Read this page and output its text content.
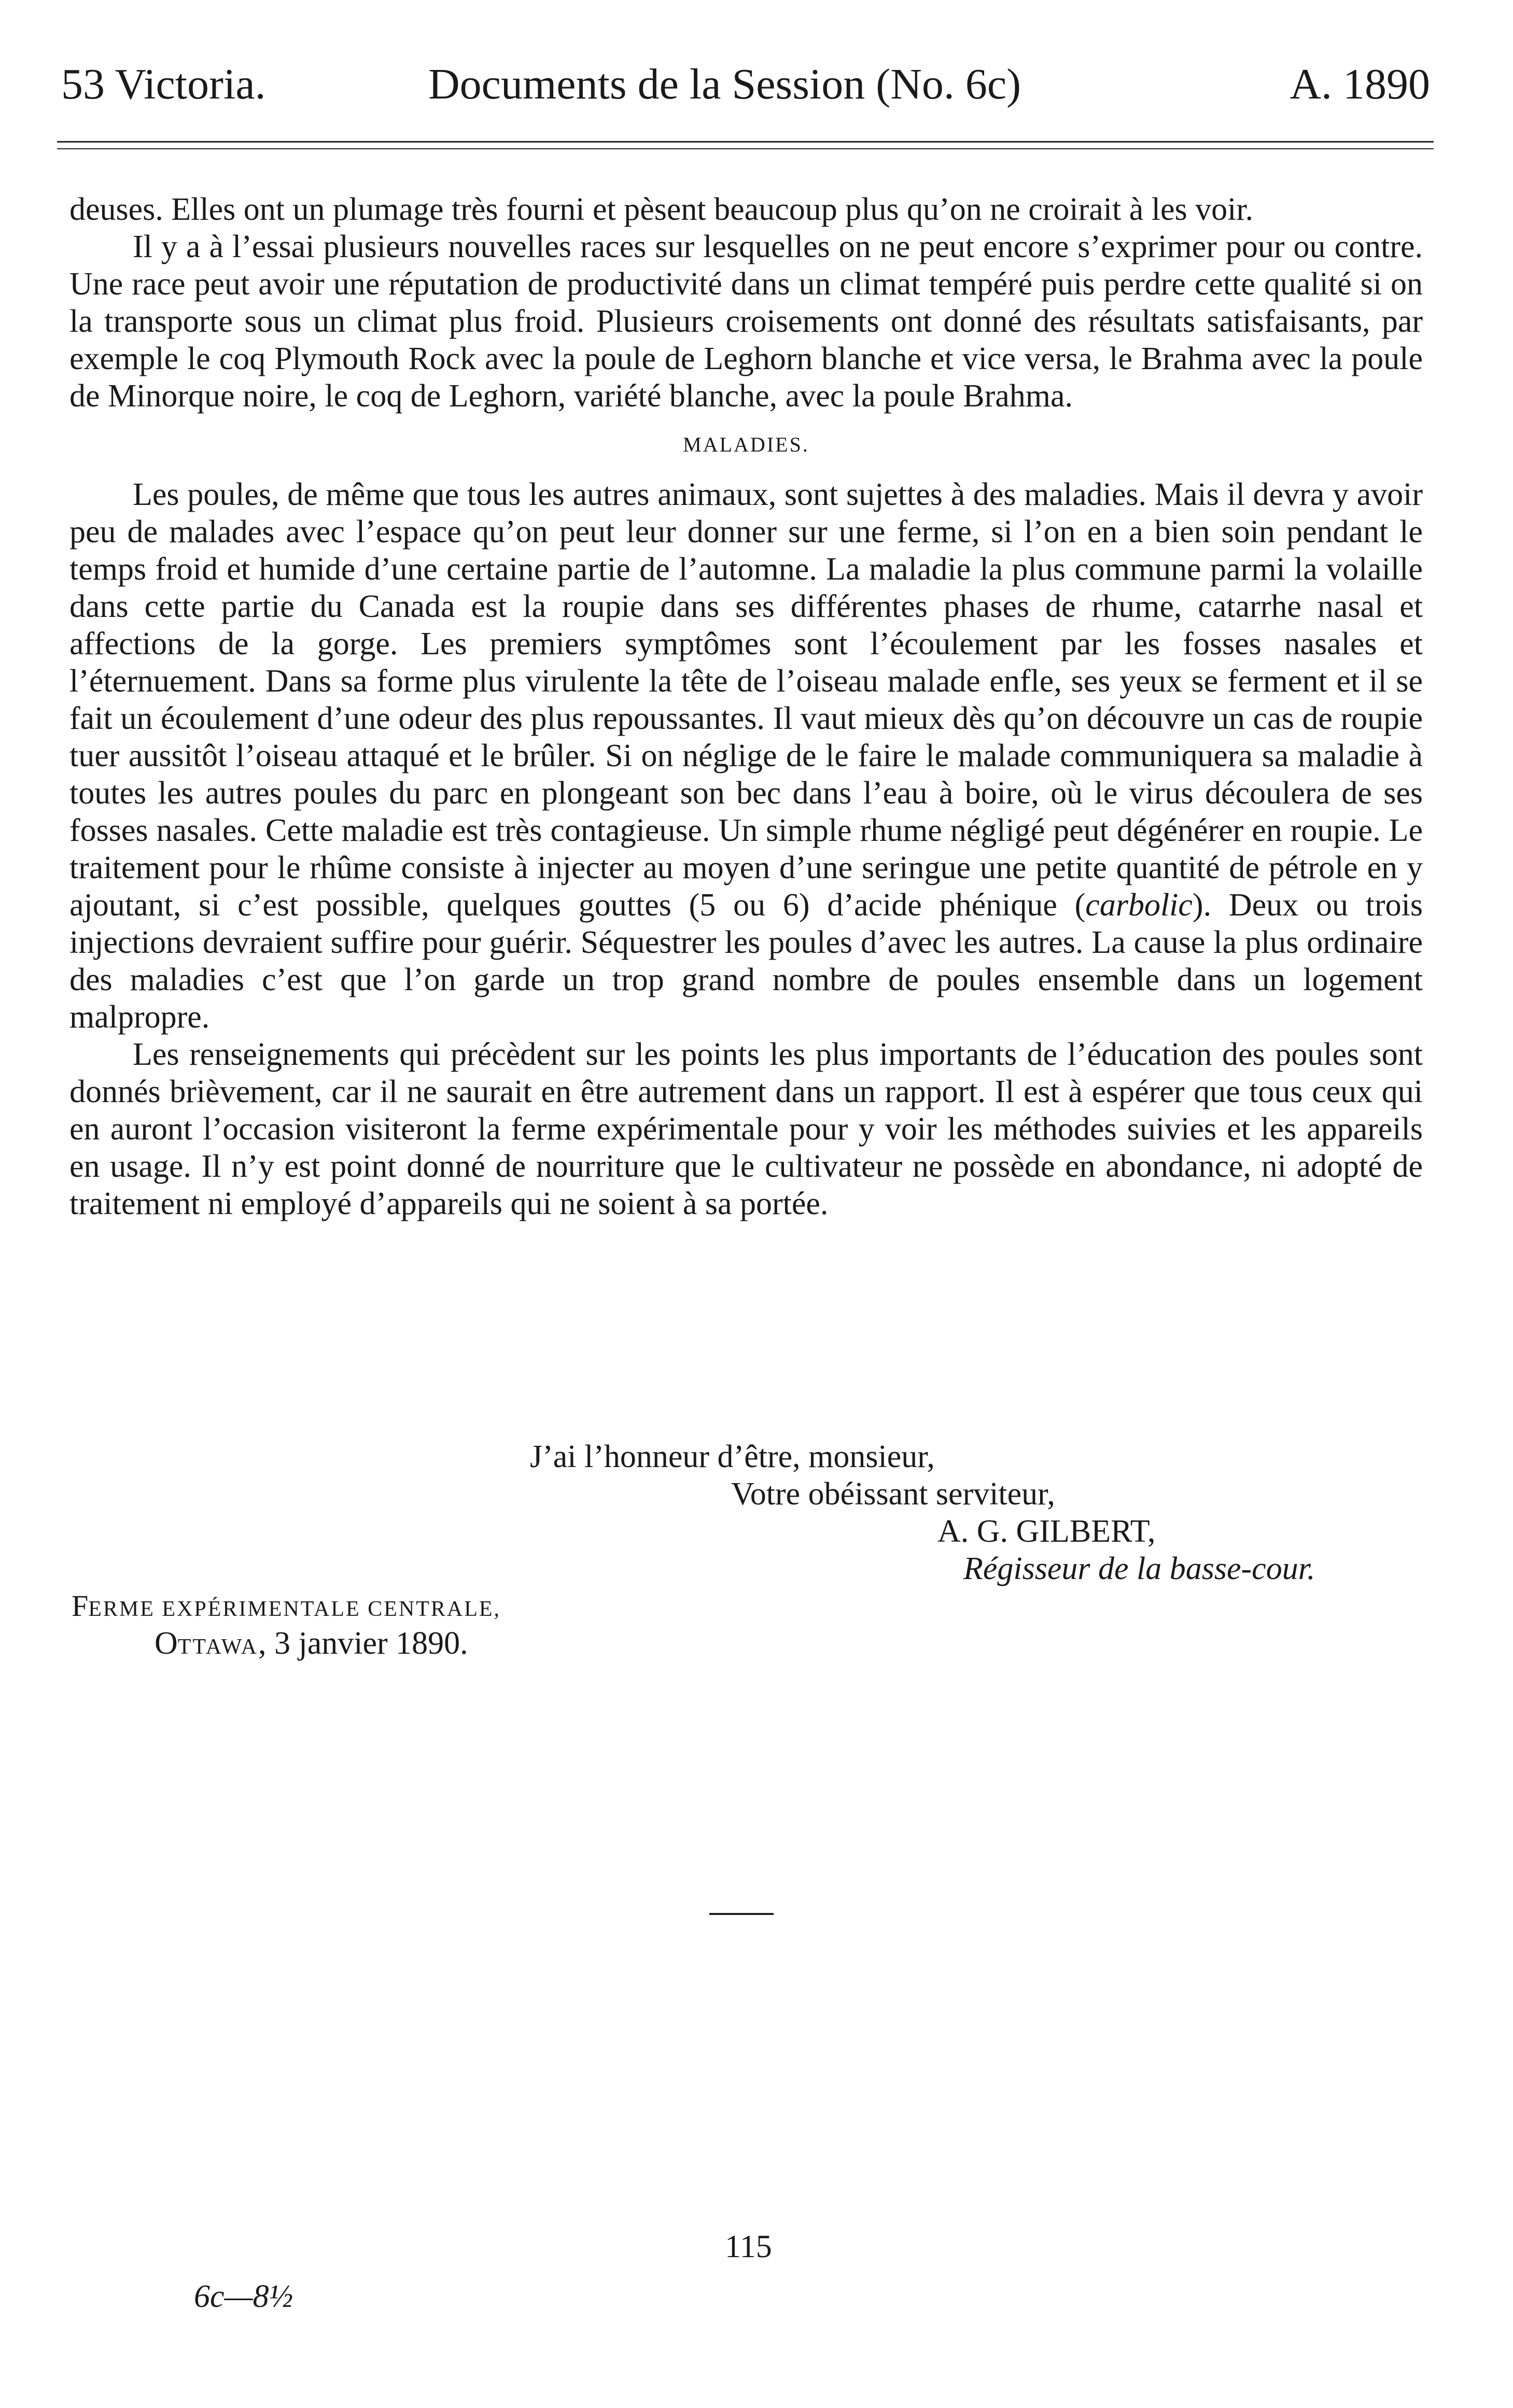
53 Victoria.	Documents de la Session (No. 6c)	A. 1890

deuses. Elles ont un plumage très fourni et pèsent beaucoup plus qu’on ne croirait à les voir.

Il y a à l’essai plusieurs nouvelles races sur lesquelles on ne peut encore s’exprimer pour ou contre. Une race peut avoir une réputation de productivité dans un climat tempéré puis perdre cette qualité si on la transporte sous un climat plus froid. Plusieurs croisements ont donné des résultats satisfaisants, par exemple le coq Plymouth Rock avec la poule de Leghorn blanche et vice versa, le Brahma avec la poule de Minorque noire, le coq de Leghorn, variété blanche, avec la poule Brahma.

MALADIES.

Les poules, de même que tous les autres animaux, sont sujettes à des maladies. Mais il devra y avoir peu de malades avec l’espace qu’on peut leur donner sur une ferme, si l’on en a bien soin pendant le temps froid et humide d’une certaine partie de l’automne. La maladie la plus commune parmi la volaille dans cette partie du Canada est la roupie dans ses différentes phases de rhume, catarrhe nasal et affections de la gorge. Les premiers symptômes sont l’écoulement par les fosses nasales et l’éternuement. Dans sa forme plus virulente la tête de l’oiseau malade enfle, ses yeux se ferment et il se fait un écoulement d’une odeur des plus repoussantes. Il vaut mieux dès qu’on découvre un cas de roupie tuer aussitôt l’oiseau attaqué et le brûler. Si on néglige de le faire le malade communiquera sa maladie à toutes les autres poules du parc en plongeant son bec dans l’eau à boire, où le virus découlera de ses fosses nasales. Cette maladie est très contagieuse. Un simple rhume négligé peut dégénérer en roupie. Le traitement pour le rhûme consiste à injecter au moyen d’une seringue une petite quantité de pétrole en y ajoutant, si c’est possible, quelques gouttes (5 ou 6) d’acide phénique (carbolic). Deux ou trois injections devraient suffire pour guérir. Séquestrer les poules d’avec les autres. La cause la plus ordinaire des maladies c’est que l’on garde un trop grand nombre de poules ensemble dans un logement malpropre.

Les renseignements qui précèdent sur les points les plus importants de l’éducation des poules sont donnés brièvement, car il ne saurait en être autrement dans un rapport. Il est à espérer que tous ceux qui en auront l’occasion visiteront la ferme expérimentale pour y voir les méthodes suivies et les appareils en usage. Il n’y est point donné de nourriture que le cultivateur ne possède en abondance, ni adopté de traitement ni employé d’appareils qui ne soient à sa portée.

J’ai l’honneur d’être, monsieur,
Votre obéissant serviteur,
A. G. GILBERT,
Régisseur de la basse-cour.
FERME EXPÉRIMENTALE CENTRALE,
OTTAWA, 3 janvier 1890.
115
6c—8½
